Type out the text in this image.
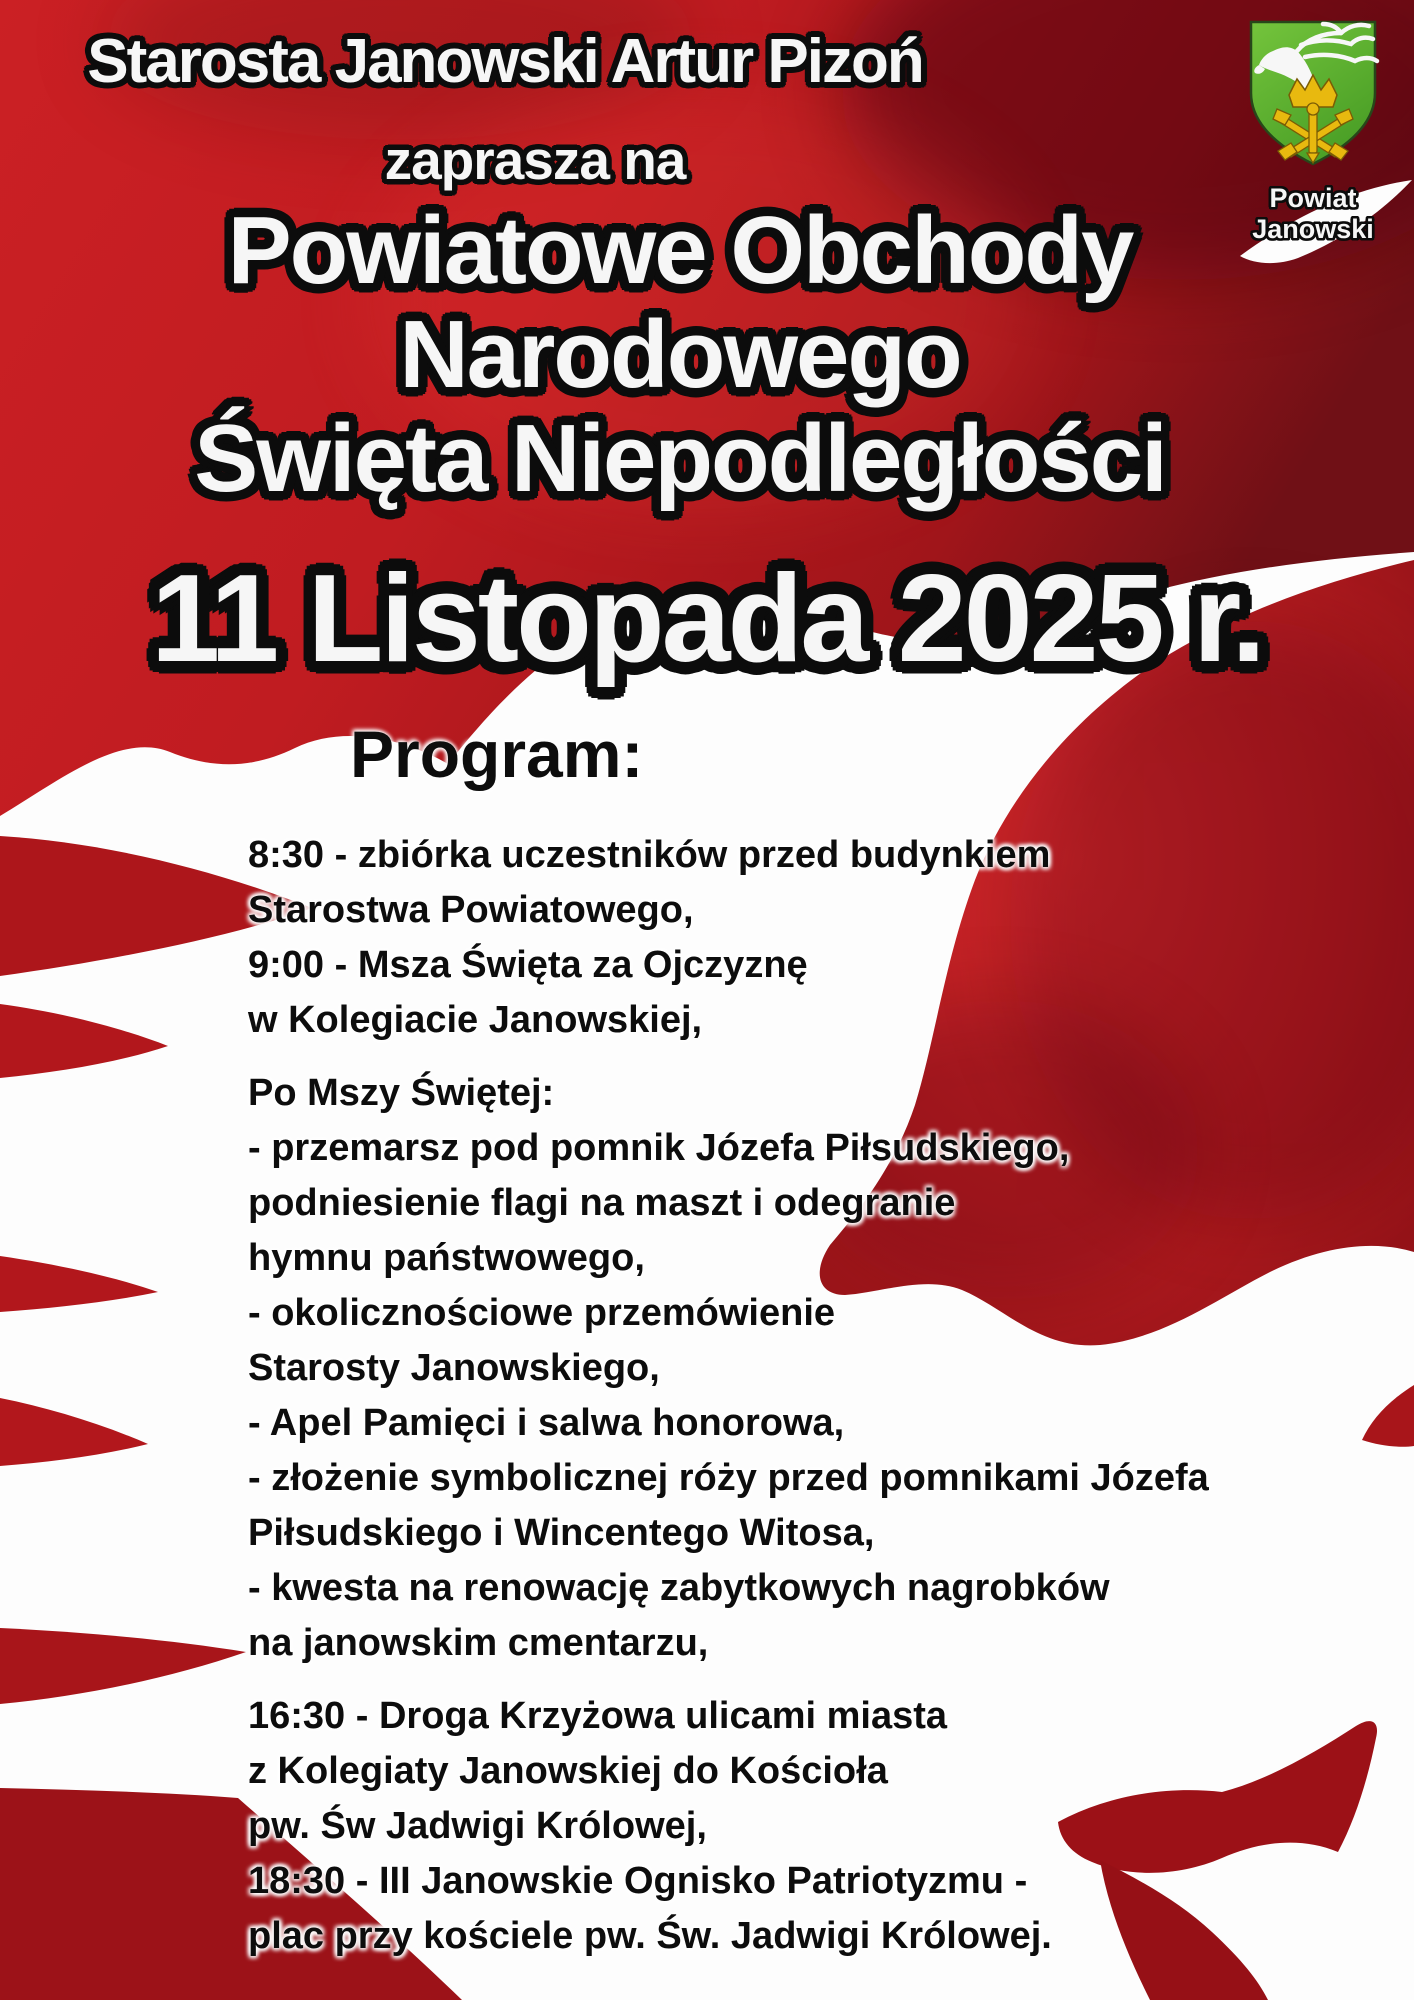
Starosta Janowski Artur Pizoń
zaprasza na
Powiatowe Obchody
Narodowego
Święta Niepodległości
11 Listopada 2025 r.
Powiat Janowski
Program:
8:30 - zbiórka uczestników przed budynkiem
Starostwa Powiatowego,
9:00 - Msza Święta za Ojczyznę
w Kolegiacie Janowskiej,
Po Mszy Świętej:
- przemarsz pod pomnik Józefa Piłsudskiego,
podniesienie flagi na maszt i odegranie
hymnu państwowego,
- okolicznościowe przemówienie
Starosty Janowskiego,
- Apel Pamięci i salwa honorowa,
- złożenie symbolicznej róży przed pomnikami Józefa
Piłsudskiego i Wincentego Witosa,
- kwesta na renowację zabytkowych nagrobków
na janowskim cmentarzu,
16:30 - Droga Krzyżowa ulicami miasta
z Kolegiaty Janowskiej do Kościoła
pw. Św Jadwigi Królowej,
18:30 - III Janowskie Ognisko Patriotyzmu -
plac przy kościele pw. Św. Jadwigi Królowej.
